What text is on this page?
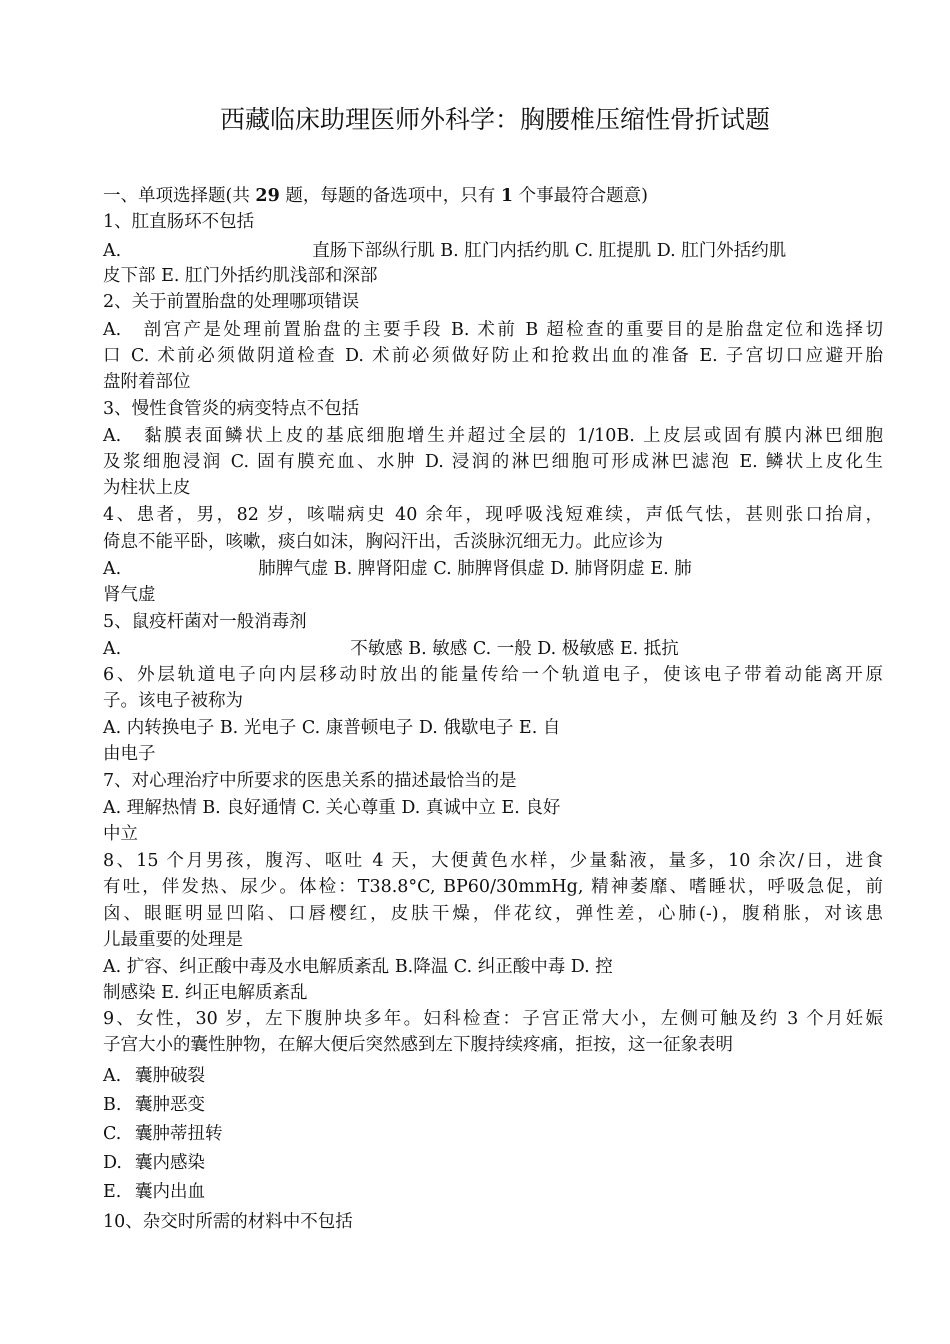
西藏临床助理医师外科学：胸腰椎压缩性骨折试题
一、单项选择题(共 29 题，每题的备选项中，只有 1 个事最符合题意)
1、肛直肠环不包括
A.	直肠下部纵行肌 B. 肛门内括约肌 C. 肛提肌 D. 肛门外括约肌
皮下部 E. 肛门外括约肌浅部和深部
2、关于前置胎盘的处理哪项错误
A.　剖宫产是处理前置胎盘的主要手段 B. 术前 B 超检查的重要目的是胎盘定位和选择切
口 C. 术前必须做阴道检查 D. 术前必须做好防止和抢救出血的准备 E. 子宫切口应避开胎
盘附着部位
3、慢性食管炎的病变特点不包括
A.　黏膜表面鳞状上皮的基底细胞增生并超过全层的 1/10B. 上皮层或固有膜内淋巴细胞
及浆细胞浸润 C. 固有膜充血、水肿 D. 浸润的淋巴细胞可形成淋巴滤泡 E. 鳞状上皮化生
为柱状上皮
4、患者，男，82 岁，咳喘病史 40 余年，现呼吸浅短难续，声低气怯，甚则张口抬肩，
倚息不能平卧，咳嗽，痰白如沫，胸闷汗出，舌淡脉沉细无力。此应诊为
A.	肺脾气虚 B. 脾肾阳虚 C. 肺脾肾俱虚 D. 肺肾阴虚 E. 肺
肾气虚
5、鼠疫杆菌对一般消毒剂
A.	不敏感 B. 敏感 C. 一般 D. 极敏感 E. 抵抗
6、外层轨道电子向内层移动时放出的能量传给一个轨道电子，使该电子带着动能离开原
子。该电子被称为
A. 内转换电子 B. 光电子 C. 康普顿电子 D. 俄歇电子 E. 自
由电子
7、对心理治疗中所要求的医患关系的描述最恰当的是
A. 理解热情 B. 良好通情 C. 关心尊重 D. 真诚中立 E. 良好
中立
8、15 个月男孩，腹泻、呕吐 4 天，大便黄色水样，少量黏液，量多，10 余次/日，进食
有吐，伴发热、尿少。体检：T38.8°C, BP60/30mmHg, 精神萎靡、嗜睡状，呼吸急促，前
囟、眼眶明显凹陷、口唇樱红，皮肤干燥，伴花纹，弹性差，心肺(-)，腹稍胀，对该患
儿最重要的处理是
A. 扩容、纠正酸中毒及水电解质紊乱 B.降温 C. 纠正酸中毒 D. 控
制感染 E. 纠正电解质紊乱
9、女性，30 岁，左下腹肿块多年。妇科检查：子宫正常大小，左侧可触及约 3 个月妊娠
子宫大小的囊性肿物，在解大便后突然感到左下腹持续疼痛，拒按，这一征象表明
A. 囊肿破裂
B. 囊肿恶变
C. 囊肿蒂扭转
D. 囊内感染
E. 囊内出血
10、杂交时所需的材料中不包括
